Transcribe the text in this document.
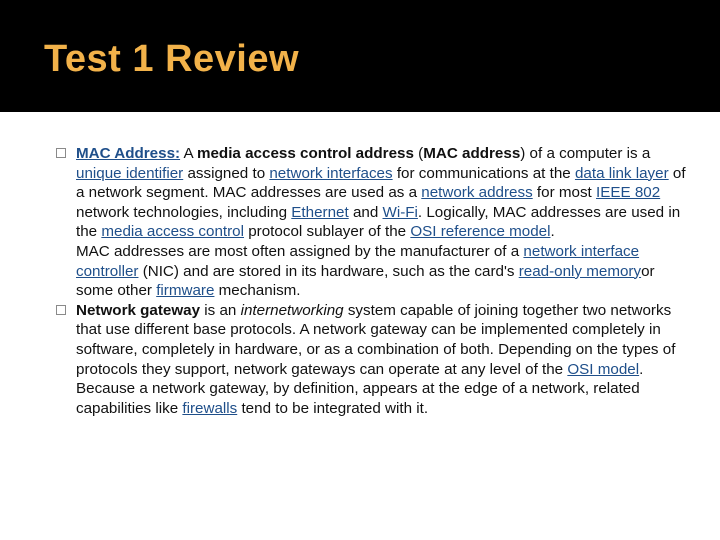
Test 1 Review
MAC Address: A media access control address (MAC address) of a computer is a unique identifier assigned to network interfaces for communications at the data link layer of a network segment. MAC addresses are used as a network address for most IEEE 802 network technologies, including Ethernet and Wi-Fi. Logically, MAC addresses are used in the media access control protocol sublayer of the OSI reference model.
MAC addresses are most often assigned by the manufacturer of a network interface controller (NIC) and are stored in its hardware, such as the card's read-only memoryor some other firmware mechanism.
Network gateway is an internetworking system capable of joining together two networks that use different base protocols. A network gateway can be implemented completely in software, completely in hardware, or as a combination of both. Depending on the types of protocols they support, network gateways can operate at any level of the OSI model.
Because a network gateway, by definition, appears at the edge of a network, related capabilities like firewalls tend to be integrated with it.
